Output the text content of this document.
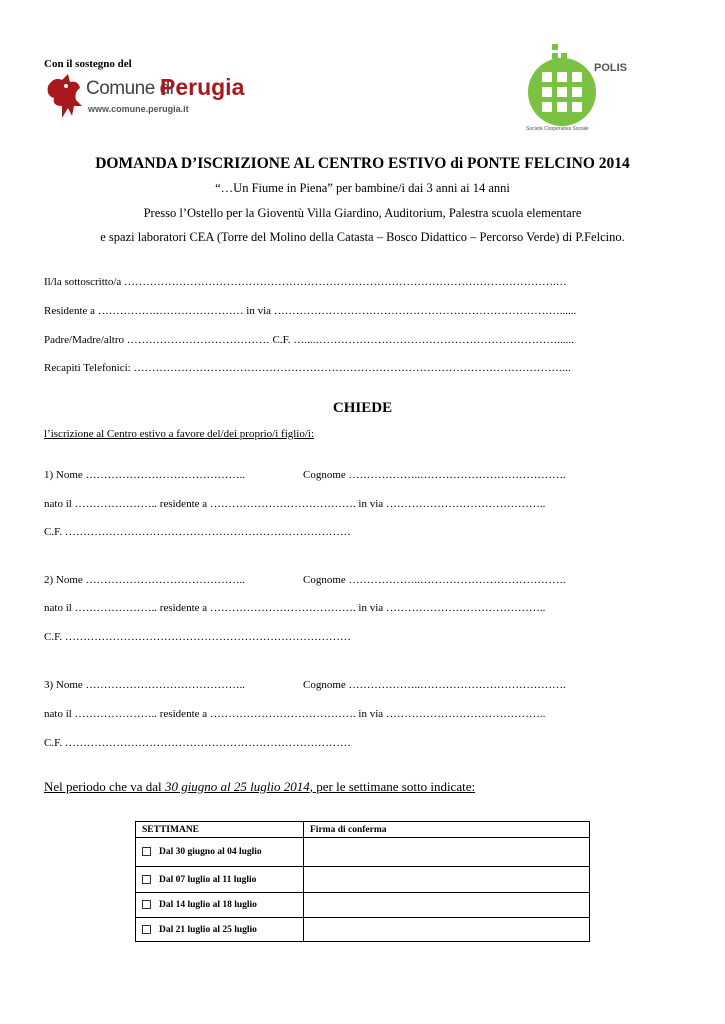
Con il sostegno del
Comune di
Perugia
www.comune.perugia.it
POLIS
Società Cooperativa Sociale
DOMANDA D’ISCRIZIONE AL CENTRO ESTIVO di PONTE FELCINO 2014
“…Un Fiume in Piena” per bambine/i dai 3 anni ai 14 anni
Presso l’Ostello per la Gioventù Villa Giardino, Auditorium, Palestra scuola elementare
e spazi laboratori CEA (Torre del Molino della Catasta – Bosco Didattico – Percorso Verde) di P.Felcino.
Il/la sottoscritto/a ……………………………………………………………………………………………………….…
Residente a …………….…………………… in via ……………………………………………………………………......
Padre/Madre/altro ………………………………… C.F. …....…………………………………………………………......
Recapiti Telefonici: ………………………………………………………………………………………………………...
CHIEDE
l’iscrizione al Centro estivo a favore del/dei proprio/i figlio/i:
1) Nome ……………………………………..	Cognome ………………..………………………………….
nato il ………………….. residente a …………………………………. in via ……………………………………..
C.F. ……………………………………………………………………
2) Nome ……………………………………..	Cognome ………………..………………………………….
nato il ………………….. residente a …………………………………. in via ……………………………………..
C.F. ……………………………………………………………………
3) Nome ……………………………………..	Cognome ………………..………………………………….
nato il ………………….. residente a …………………………………. in via ……………………………………..
C.F. ……………………………………………………………………
Nel periodo che va dal 30 giugno al 25 luglio 2014, per le settimane sotto indicate:
SETTIMANE	Firma di conferma
Dal 30 giugno al 04 luglio	
Dal 07 luglio al 11 luglio	
Dal 14 luglio al 18 luglio	
Dal 21 luglio al 25 luglio	
